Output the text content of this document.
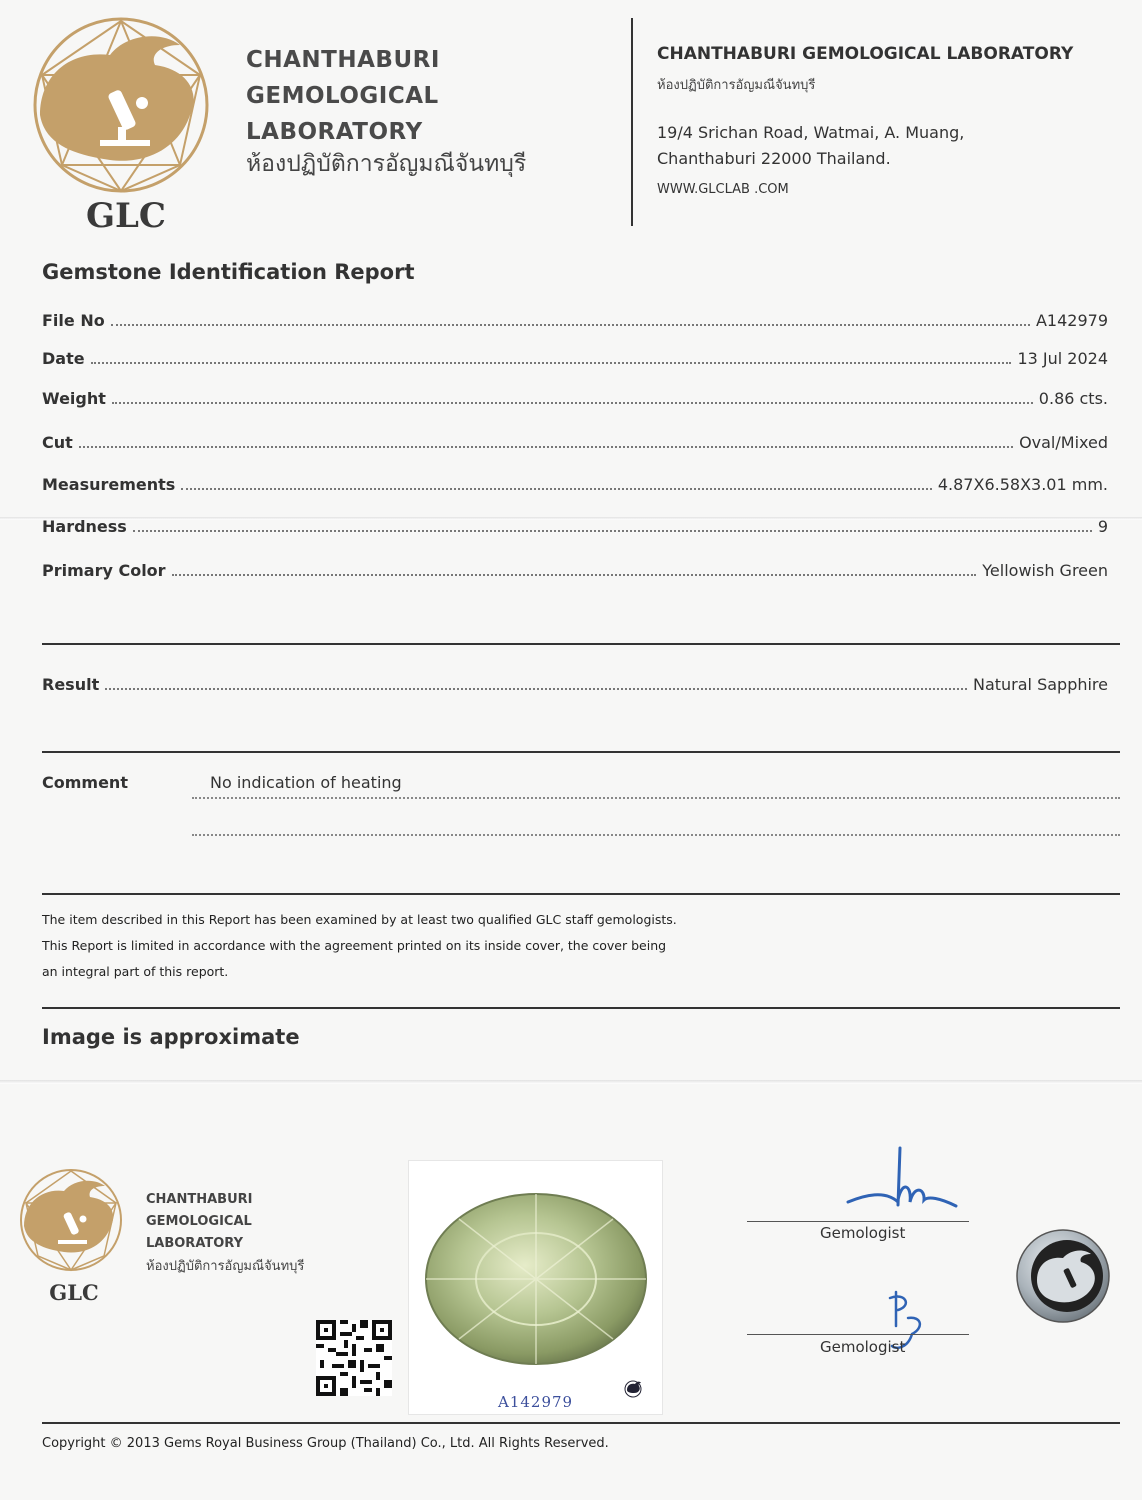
GLC
CHANTHABURI
GEMOLOGICAL
LABORATORY
ห้องปฏิบัติการอัญมณีจันทบุรี
CHANTHABURI GEMOLOGICAL LABORATORY
ห้องปฏิบัติการอัญมณีจันทบุรี
19/4 Srichan Road, Watmai, A. Muang,
Chanthaburi 22000 Thailand.
WWW.GLCLAB .COM
Gemstone Identification Report
File No	A142979
Date	13 Jul 2024
Weight	0.86 cts.
Cut	Oval/Mixed
Measurements	4.87X6.58X3.01 mm.
Hardness	9
Primary Color	Yellowish Green
Result	Natural Sapphire
Comment	No indication of heating
The item described in this Report has been examined by at least two qualified GLC staff gemologists.
This Report is limited in accordance with the agreement printed on its inside cover, the cover being
an integral part of this report.
Image is approximate
GLC
CHANTHABURI
GEMOLOGICAL
LABORATORY
ห้องปฏิบัติการอัญมณีจันทบุรี
A142979
Gemologist
Gemologist
Copyright © 2013 Gems Royal Business Group (Thailand) Co., Ltd. All Rights Reserved.
